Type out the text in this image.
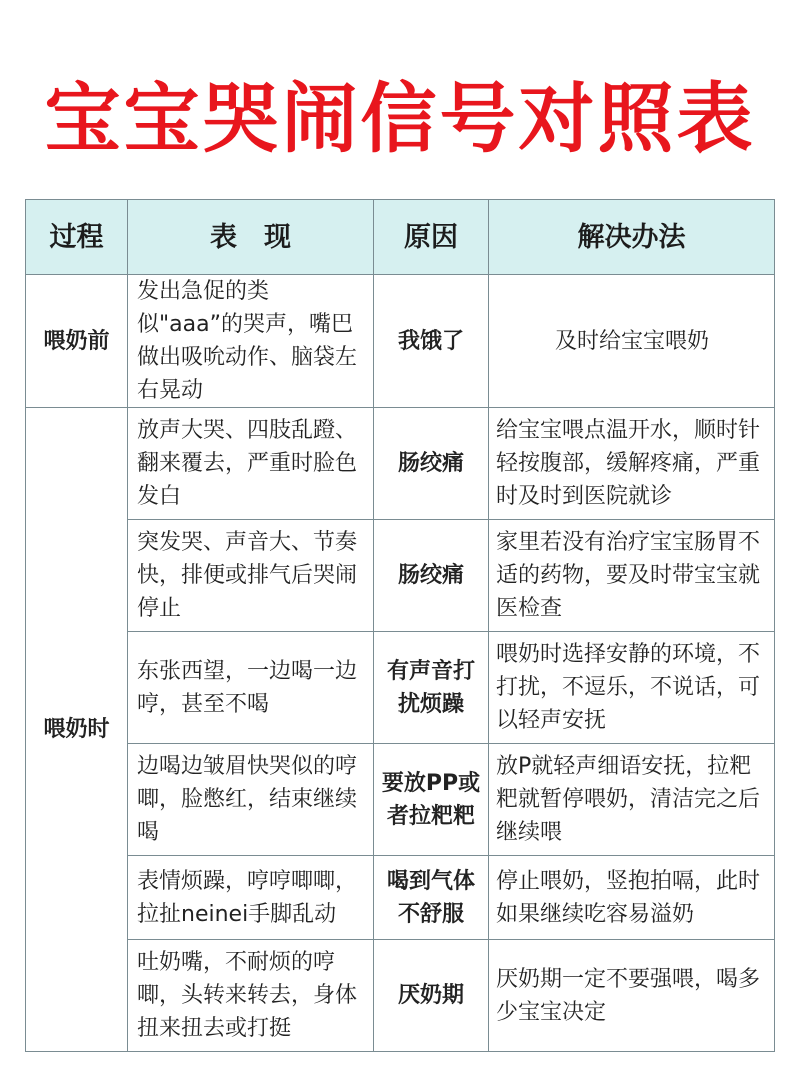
宝宝哭闹信号对照表
过程	表　现	原因	解决办法
喂奶前	发出急促的类似"aaa”的哭声，嘴巴做出吸吮动作、脑袋左右晃动	我饿了	及时给宝宝喂奶
喂奶时	放声大哭、四肢乱蹬、翻来覆去，严重时脸色发白	肠绞痛	给宝宝喂点温开水，顺时针轻按腹部，缓解疼痛，严重时及时到医院就诊
	突发哭、声音大、节奏快，排便或排气后哭闹停止	肠绞痛	家里若没有治疗宝宝肠胃不适的药物，要及时带宝宝就医检查
	东张西望，一边喝一边哼，甚至不喝	有声音打扰烦躁	喂奶时选择安静的环境，不打扰，不逗乐，不说话，可以轻声安抚
	边喝边皱眉快哭似的哼唧，脸憋红，结束继续喝	要放PP或者拉粑粑	放P就轻声细语安抚，拉粑粑就暂停喂奶，清洁完之后继续喂
	表情烦躁，哼哼唧唧，拉扯neinei手脚乱动	喝到气体不舒服	停止喂奶，竖抱拍嗝，此时如果继续吃容易溢奶
	吐奶嘴，不耐烦的哼唧，头转来转去，身体扭来扭去或打挺	厌奶期	厌奶期一定不要强喂，喝多少宝宝决定
